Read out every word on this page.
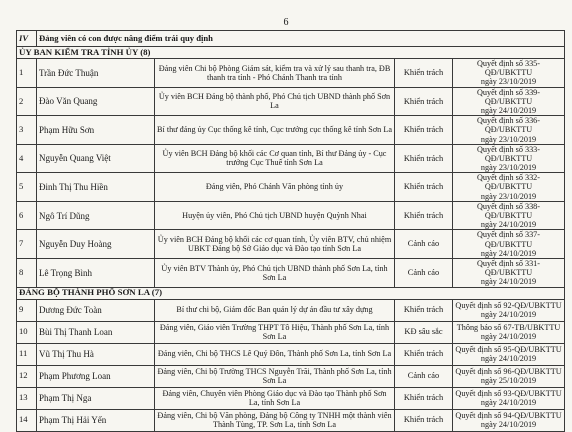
6
IV	Đảng viên có con được nâng điểm trái quy định			
ỦY BAN KIỂM TRA TỈNH ỦY (8)				
1	Trần Đức Thuận	Đảng viên Chi bộ Phòng Giám sát, kiểm tra và xử lý sau thanh tra, ĐB thanh tra tỉnh - Phó Chánh Thanh tra tỉnh	Khiển trách	Quyết định số 335-QĐ/UBKTTU
ngày 23/10/2019

2	Đào Văn Quang	Ủy viên BCH Đảng bộ thành phố, Phó Chủ tịch UBND thành phố Sơn La	Khiển trách	Quyết định số 339-QĐ/UBKTTU
ngày 24/10/2019

3	Phạm Hữu Sơn	Bí thư đảng ủy Cục thống kê tỉnh, Cục trưởng cục thống kê tỉnh Sơn La	Khiển trách	Quyết định số 336-QĐ/UBKTTU
ngày 23/10/2019

4	Nguyễn Quang Việt	Ủy viên BCH Đảng bộ khối các Cơ quan tỉnh, Bí thư Đảng ủy - Cục trưởng Cục Thuế tỉnh Sơn La	Khiển trách	Quyết định số 333-QĐ/UBKTTU
ngày 23/10/2019

5	Đinh Thị Thu Hiền	Đảng viên, Phó Chánh Văn phòng tỉnh ủy	Khiển trách	Quyết định số 332-QĐ/UBKTTU
ngày 23/10/2019

6	Ngô Trí Dũng	Huyện ủy viên, Phó Chủ tịch UBND huyện Quỳnh Nhai	Khiển trách	Quyết định số 338-QĐ/UBKTTU
ngày 24/10/2019

7	Nguyễn Duy Hoàng	Ủy viên BCH Đảng bộ khối các cơ quan tỉnh, Ủy viên BTV, chủ nhiệm UBKT Đảng bộ Sở Giáo dục và Đào tạo tỉnh Sơn La	Cảnh cáo	Quyết định số 337-QĐ/UBKTTU
ngày 24/10/2019

8	Lê Trọng Bình	Ủy viên BTV Thành ủy, Phó Chủ tịch UBND thành phố Sơn La, tỉnh Sơn La	Cảnh cáo	Quyết định số 331-QĐ/UBKTTU
ngày 24/10/2019

ĐẢNG BỘ THÀNH PHỐ SƠN LA (7)				
9	Dương Đức Toàn	Bí thư chi bộ, Giám đốc Ban quản lý dự án đầu tư xây dựng	Khiển trách	Quyết định số 92-QĐ/UBKTTU
ngày 24/10/2019

10	Bùi Thị Thanh Loan	Đảng viên, Giáo viên Trường THPT Tô Hiệu, Thành phố Sơn La, tỉnh Sơn La	KĐ sâu sắc	Thông báo số 67-TB/UBKTTU
ngày 24/10/2019

11	Vũ Thị Thu Hà	Đảng viên, Chi bộ THCS Lê Quý Đôn, Thành phố Sơn La, tỉnh Sơn La	Khiển trách	Quyết định số 95-QĐ/UBKTTU
ngày 24/10/2019

12	Phạm Phương Loan	Đảng viên, Chi bộ Trường THCS Nguyễn Trãi, Thành phố Sơn La, tỉnh Sơn La	Cảnh cáo	Quyết định số 96-QĐ/UBKTTU
ngày 25/10/2019

13	Phạm Thị Nga	Đảng viên, Chuyên viên Phòng Giáo dục và Đào tạo Thành phố Sơn La, tỉnh Sơn La	Khiển trách	Quyết định số 93-QĐ/UBKTTU
ngày 24/10/2019

14	Phạm Thị Hải Yến	Đảng viên, Chi bộ Văn phòng, Đảng bộ Công ty TNHH một thành viên Thành Tùng, TP. Sơn La, tỉnh Sơn La	Khiển trách	Quyết định số 94-QĐ/UBKTTU
ngày 24/10/2019
